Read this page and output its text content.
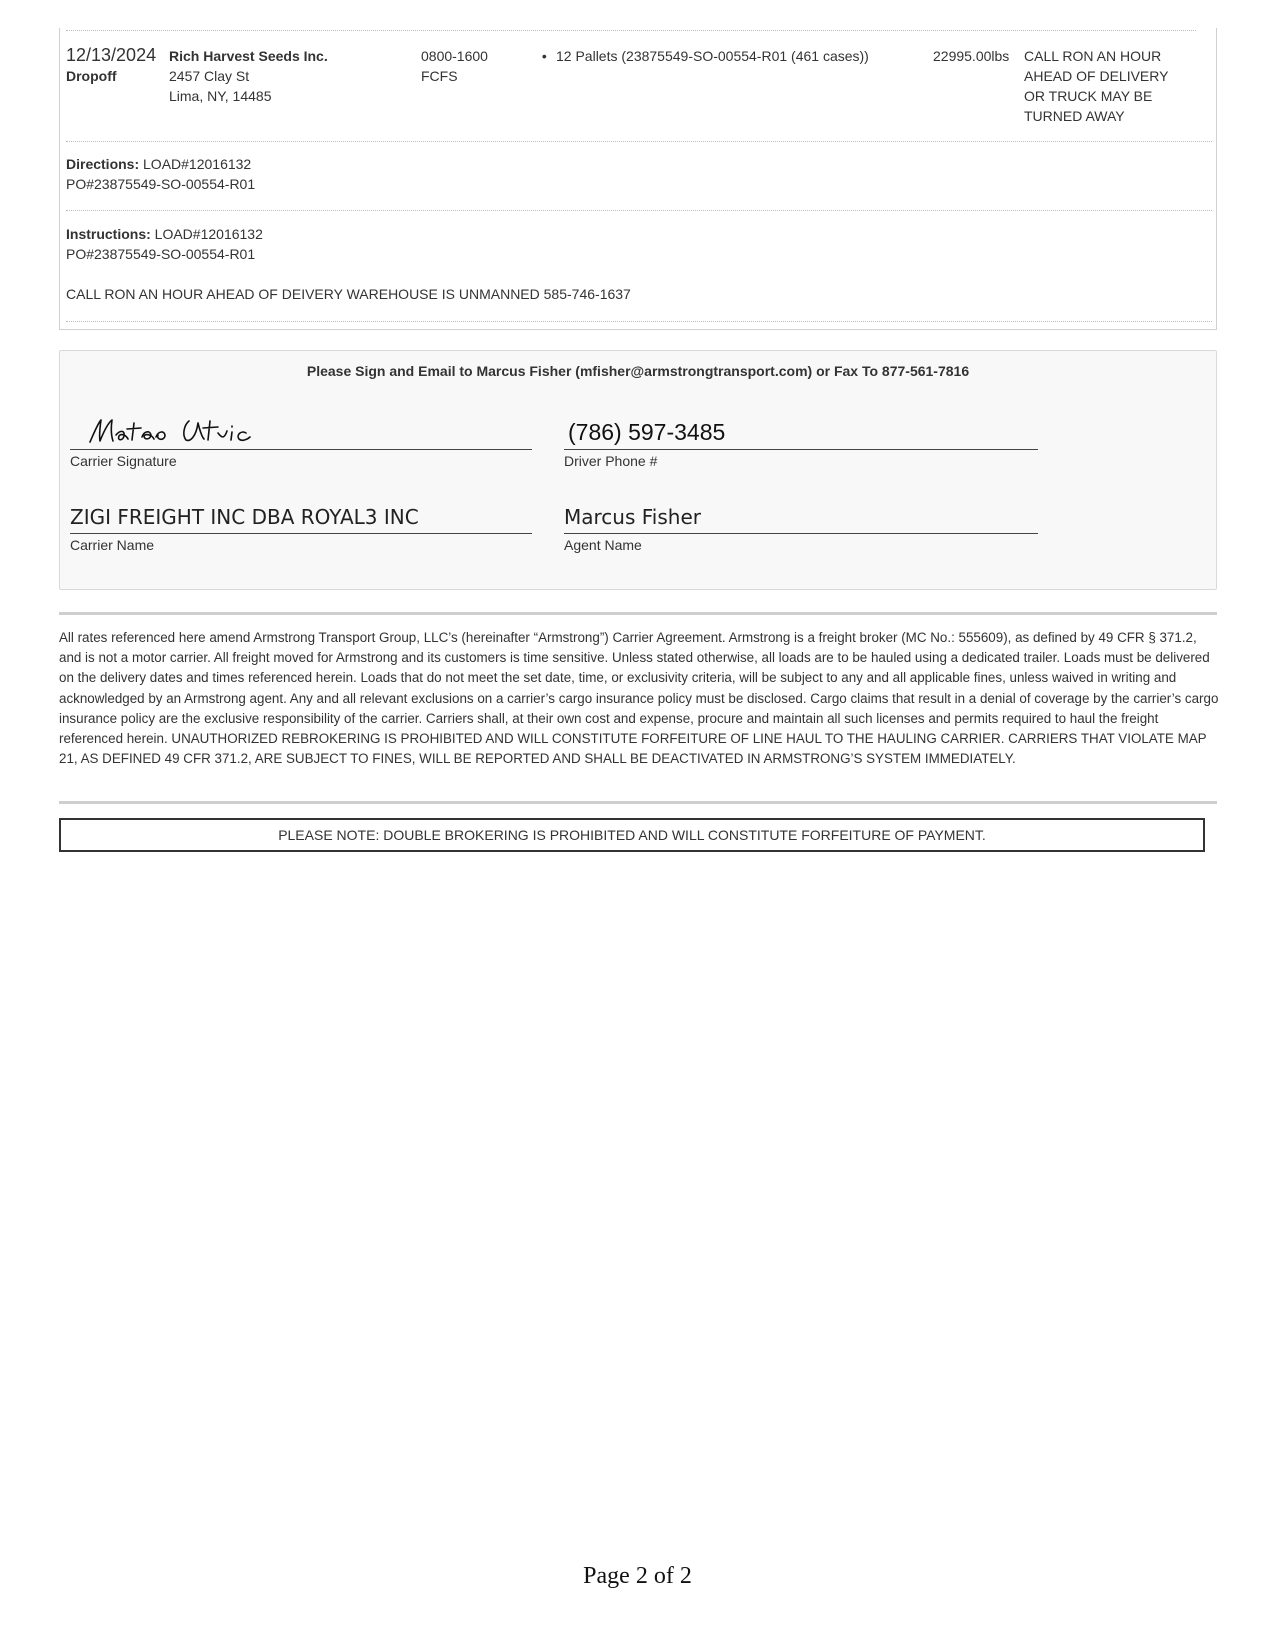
12/13/2024
Dropoff
Rich Harvest Seeds Inc.
2457 Clay St
Lima, NY, 14485
0800-1600
FCFS
• 12 Pallets (23875549-SO-00554-R01 (461 cases))	22995.00lbs CALL RON AN HOUR
AHEAD OF DELIVERY
OR TRUCK MAY BE
TURNED AWAY
Directions: LOAD#12016132
PO#23875549-SO-00554-R01
Instructions: LOAD#12016132
PO#23875549-SO-00554-R01
CALL RON AN HOUR AHEAD OF DEIVERY WAREHOUSE IS UNMANNED 585-746-1637
Please Sign and Email to Marcus Fisher (mfisher@armstrongtransport.com) or Fax To 877-561-7816
Carrier Signature
(786) 597-3485
Driver Phone #
ZIGI FREIGHT INC DBA ROYAL3 INC
Carrier Name
Marcus Fisher
Agent Name
All rates referenced here amend Armstrong Transport Group, LLC’s (hereinafter “Armstrong”) Carrier Agreement. Armstrong is a freight broker (MC No.: 555609), as defined by 49 CFR § 371.2, and is not a motor carrier. All freight moved for Armstrong and its customers is time sensitive. Unless stated otherwise, all loads are to be hauled using a dedicated trailer. Loads must be delivered on the delivery dates and times referenced herein. Loads that do not meet the set date, time, or exclusivity criteria, will be subject to any and all applicable fines, unless waived in writing and acknowledged by an Armstrong agent. Any and all relevant exclusions on a carrier’s cargo insurance policy must be disclosed. Cargo claims that result in a denial of coverage by the carrier’s cargo insurance policy are the exclusive responsibility of the carrier. Carriers shall, at their own cost and expense, procure and maintain all such licenses and permits required to haul the freight referenced herein. UNAUTHORIZED REBROKERING IS PROHIBITED AND WILL CONSTITUTE FORFEITURE OF LINE HAUL TO THE HAULING CARRIER. CARRIERS THAT VIOLATE MAP 21, AS DEFINED 49 CFR 371.2, ARE SUBJECT TO FINES, WILL BE REPORTED AND SHALL BE DEACTIVATED IN ARMSTRONG’S SYSTEM IMMEDIATELY.
PLEASE NOTE: DOUBLE BROKERING IS PROHIBITED AND WILL CONSTITUTE FORFEITURE OF PAYMENT.
Page 2 of 2
